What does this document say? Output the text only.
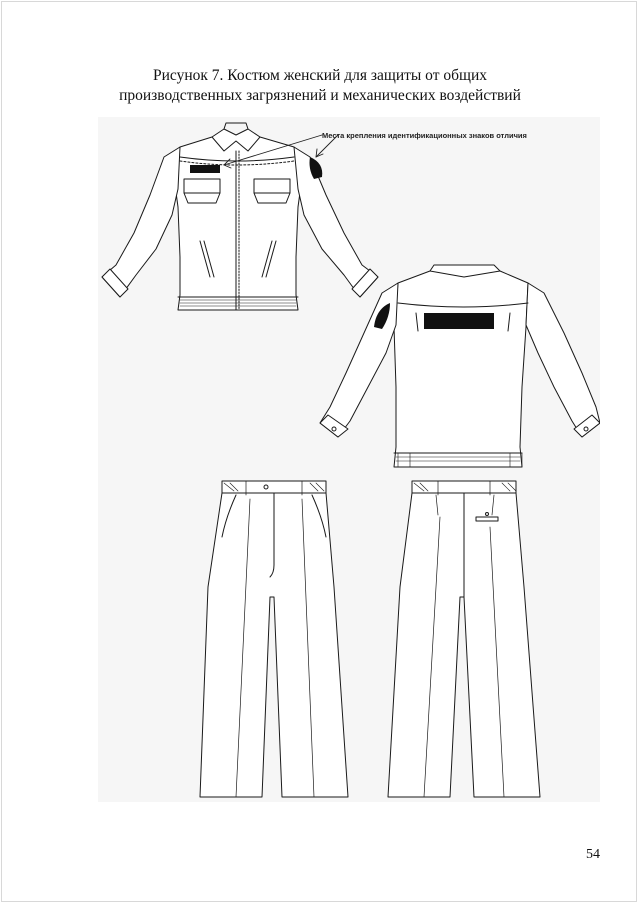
Рисунок 7. Костюм женский для защиты от общих
производственных загрязнений и механических воздействий
Места крепления идентификационных знаков отличия
54
